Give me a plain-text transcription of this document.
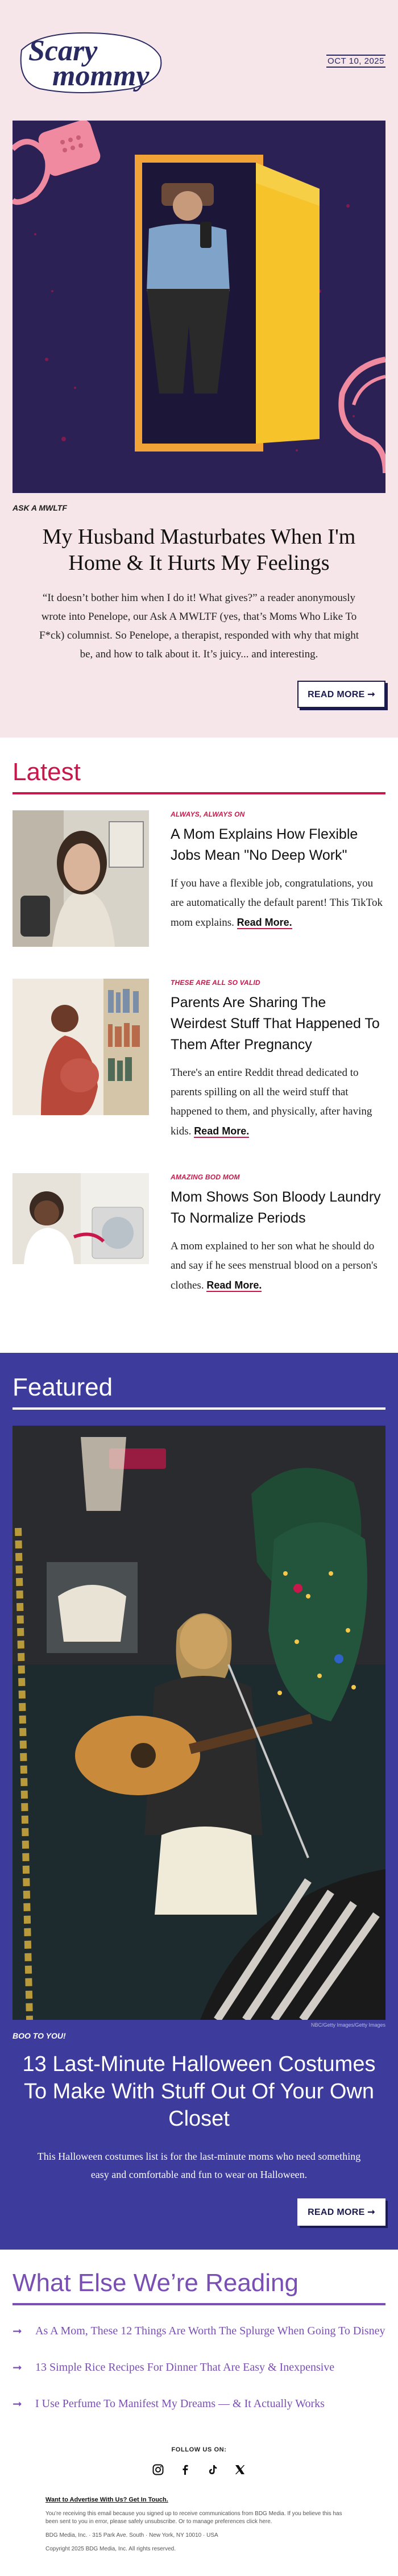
Scary
mommy	OCT 10, 2025
ASK A MWLTF
My Husband Masturbates When I'm Home & It Hurts My Feelings
“It doesn’t bother him when I do it! What gives?” a reader anonymously wrote into Penelope, our Ask A MWLTF (yes, that’s Moms Who Like To F*ck) columnist. So Penelope, a therapist, responded with why that might be, and how to talk about it. It’s juicy... and interesting.
READ MORE ➞
Latest
ALWAYS, ALWAYS ON
A Mom Explains How Flexible Jobs Mean "No Deep Work"
If you have a flexible job, congratulations, you are automatically the default parent! This TikTok mom explains. Read More.
THESE ARE ALL SO VALID
Parents Are Sharing The Weirdest Stuff That Happened To Them After Pregnancy
There's an entire Reddit thread dedicated to parents spilling on all the weird stuff that happened to them, and physically, after having kids. Read More.
AMAZING BOD MOM
Mom Shows Son Bloody Laundry To Normalize Periods
A mom explained to her son what he should do and say if he sees menstrual blood on a person's clothes. Read More.
Featured
NBC/Getty Images/Getty Images
BOO TO YOU!
13 Last-Minute Halloween Costumes To Make With Stuff Out Of Your Own Closet
This Halloween costumes list is for the last-minute moms who need something easy and comfortable and fun to wear on Halloween.
READ MORE ➞
What Else We’re Reading
➞ As A Mom, These 12 Things Are Worth The Splurge When Going To Disney
➞ 13 Simple Rice Recipes For Dinner That Are Easy & Inexpensive
➞ I Use Perfume To Manifest My Dreams — & It Actually Works
FOLLOW US ON:
Want to Advertise With Us? Get In Touch.
You’re receiving this email because you signed up to receive communications from BDG Media. If you believe this has been sent to you in error, please safely unsubscribe. Or to manage preferences click here.
BDG Media, Inc. · 315 Park Ave. South · New York, NY 10010 · USA
Copyright 2025 BDG Media, Inc. All rights reserved.
